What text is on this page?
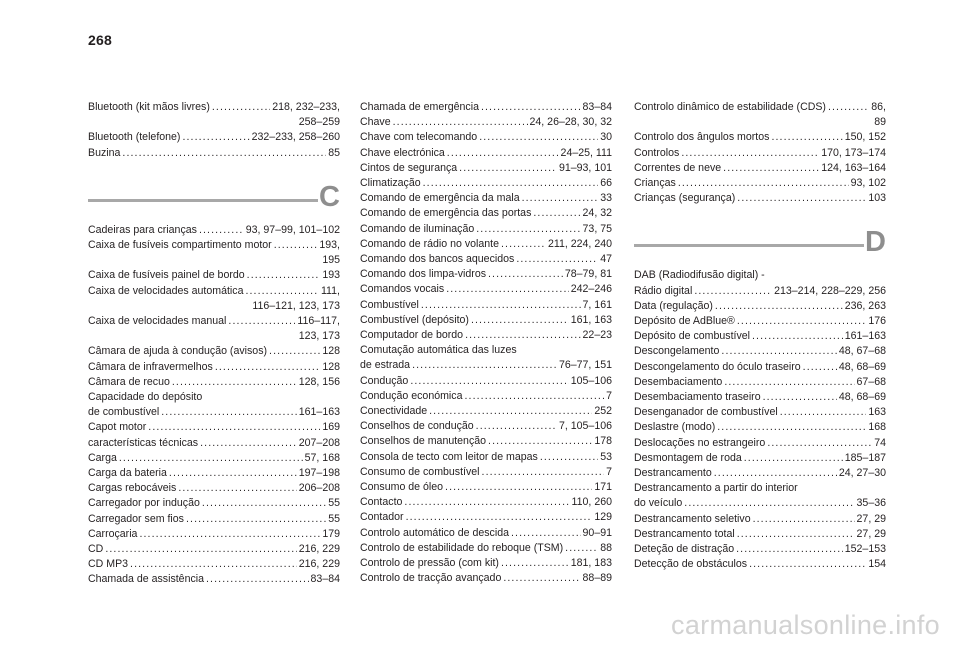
268
Bluetooth (kit mãos livres) .....	218, 232–233,
258–259
Bluetooth (telefone) .....	232–233, 258–260
Buzina .....	85
C
Cadeiras para crianças .....	93, 97–99, 101–102
Caixa de fusíveis compartimento motor .....	193,
195
Caixa de fusíveis painel de bordo .....	193
Caixa de velocidades automática .....	111,
116–121, 123, 173
Caixa de velocidades manual .....	116–117,
123, 173
Câmara de ajuda à condução (avisos) .....	128
Câmara de infravermelhos .....	128
Câmara de recuo .....	128, 156
Capacidade do depósito
de combustível .....	161–163
Capot motor .....	169
características técnicas .....	207–208
Carga .....	57, 168
Carga da bateria .....	197–198
Cargas rebocáveis .....	206–208
Carregador por indução .....	55
Carregador sem fios .....	55
Carroçaria .....	179
CD .....	216, 229
CD MP3 .....	216, 229
Chamada de assistência .....	83–84
Chamada de emergência .....	83–84
Chave .....	24, 26–28, 30, 32
Chave com telecomando .....	30
Chave electrónica .....	24–25, 111
Cintos de segurança .....	91–93, 101
Climatização .....	66
Comando de emergência da mala .....	33
Comando de emergência das portas .....	24, 32
Comando de iluminação .....	73, 75
Comando de rádio no volante .....	211, 224, 240
Comando dos bancos aquecidos .....	47
Comando dos limpa-vidros .....	78–79, 81
Comandos vocais .....	242–246
Combustível .....	7, 161
Combustível (depósito) .....	161, 163
Computador de bordo .....	22–23
Comutação automática das luzes
de estrada .....	76–77, 151
Condução .....	105–106
Condução económica .....	7
Conectividade .....	252
Conselhos de condução .....	7, 105–106
Conselhos de manutenção .....	178
Consola de tecto com leitor de mapas .....	53
Consumo de combustível .....	7
Consumo de óleo .....	171
Contacto .....	110, 260
Contador .....	129
Controlo automático de descida .....	90–91
Controlo de estabilidade do reboque (TSM) .....	88
Controlo de pressão (com kit) .....	181, 183
Controlo de tracção avançado .....	88–89
Controlo dinâmico de estabilidade (CDS) .....	86,
89
Controlo dos ângulos mortos .....	150, 152
Controlos .....	170, 173–174
Correntes de neve .....	124, 163–164
Crianças .....	93, 102
Crianças (segurança) .....	103
D
DAB (Radiodifusão digital) -
Rádio digital .....	213–214, 228–229, 256
Data (regulação) .....	236, 263
Depósito de AdBlue® .....	176
Depósito de combustível .....	161–163
Descongelamento .....	48, 67–68
Descongelamento do óculo traseiro .....	48, 68–69
Desembaciamento .....	67–68
Desembaciamento traseiro .....	48, 68–69
Desenganador de combustível .....	163
Deslastre (modo) .....	168
Deslocações no estrangeiro .....	74
Desmontagem de roda .....	185–187
Destrancamento .....	24, 27–30
Destrancamento a partir do interior
do veículo .....	35–36
Destrancamento seletivo .....	27, 29
Destrancamento total .....	27, 29
Deteção de distração .....	152–153
Detecção de obstáculos .....	154
carmanualsonline.info
